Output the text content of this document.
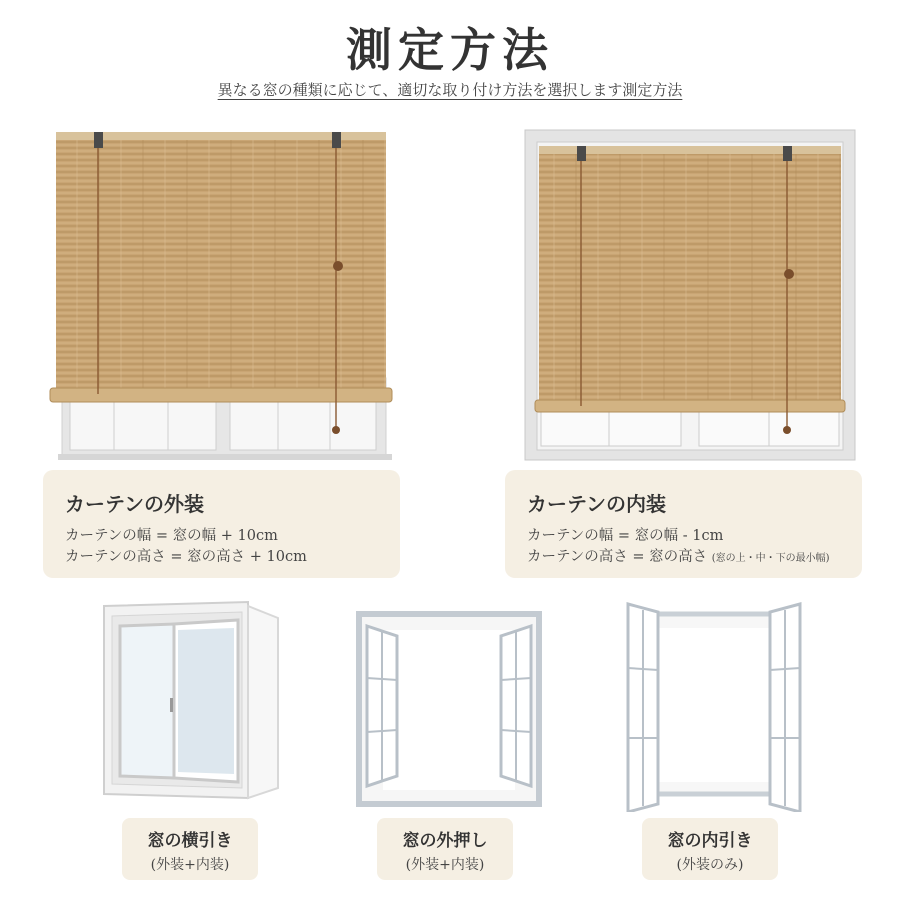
測定方法
異なる窓の種類に応じて、適切な取り付け方法を選択します測定方法
カーテンの外装
カーテンの幅 = 窓の幅 + 10cm
カーテンの高さ = 窓の高さ + 10cm
カーテンの内装
カーテンの幅 = 窓の幅 - 1cm
カーテンの高さ = 窓の高さ (窓の上・中・下の最小幅)
窓の横引き
(外装+内装)
窓の外押し
(外装+内装)
窓の内引き
(外装のみ)
